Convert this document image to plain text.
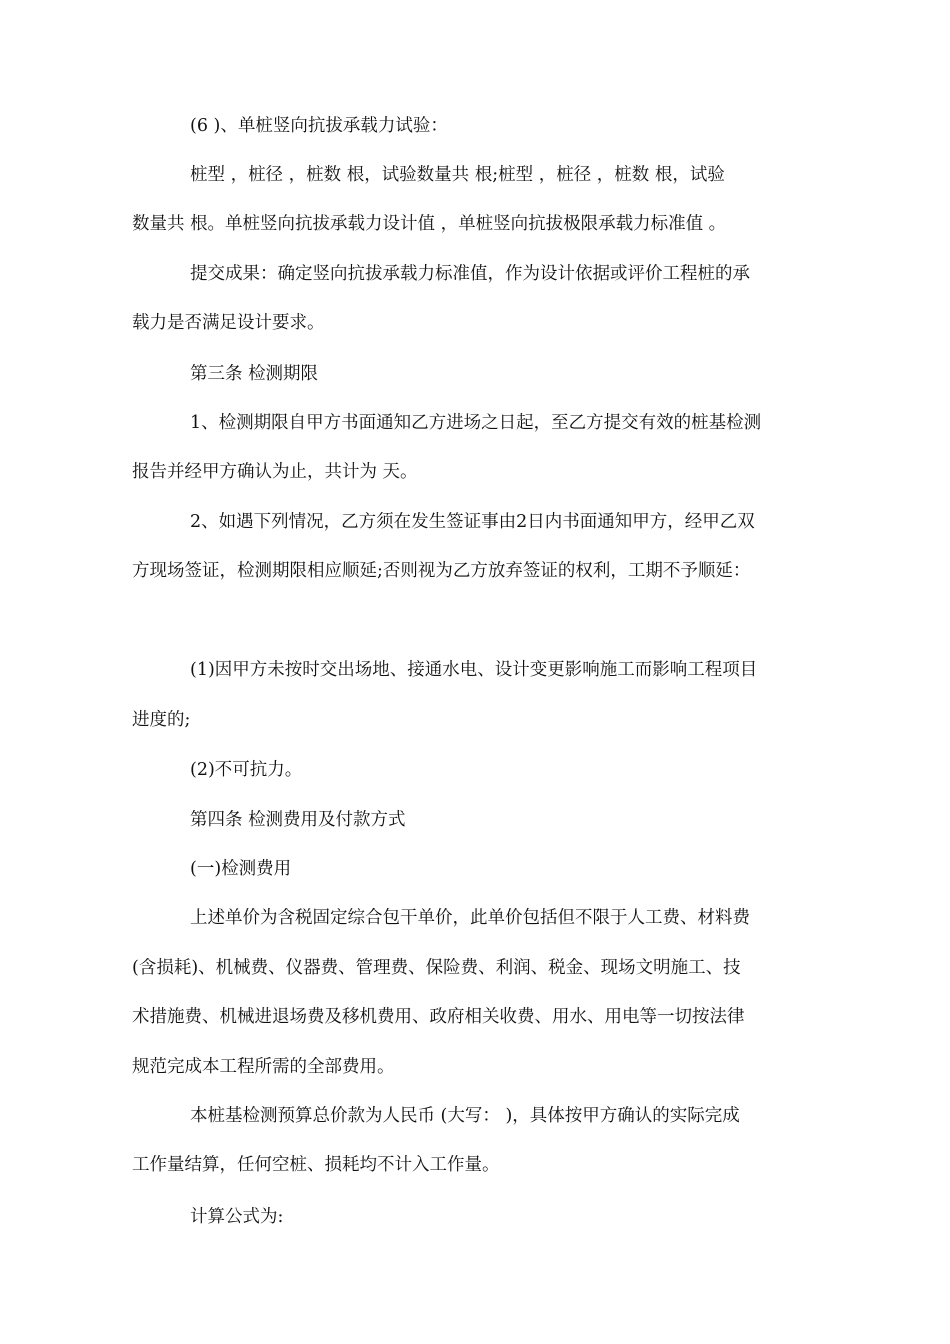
(6 )、单桩竖向抗拔承载力试验：
桩型 ，桩径 ，桩数 根，试验数量共 根;桩型 ，桩径 ，桩数 根，试验
数量共 根。单桩竖向抗拔承载力设计值 ，单桩竖向抗拔极限承载力标准值 。
提交成果：确定竖向抗拔承载力标准值，作为设计依据或评价工程桩的承
载力是否满足设计要求。
第三条 检测期限
1、检测期限自甲方书面通知乙方进场之日起，至乙方提交有效的桩基检测
报告并经甲方确认为止，共计为 天。
2、如遇下列情况，乙方须在发生签证事由2日内书面通知甲方，经甲乙双
方现场签证，检测期限相应顺延;否则视为乙方放弃签证的权利，工期不予顺延：
(1)因甲方未按时交出场地、接通水电、设计变更影响施工而影响工程项目
进度的;
(2)不可抗力。
第四条 检测费用及付款方式
(一)检测费用
上述单价为含税固定综合包干单价，此单价包括但不限于人工费、材料费
(含损耗)、机械费、仪器费、管理费、保险费、利润、税金、现场文明施工、技
术措施费、机械进退场费及移机费用、政府相关收费、用水、用电等一切按法律
规范完成本工程所需的全部费用。
本桩基检测预算总价款为人民币 (大写： )，具体按甲方确认的实际完成
工作量结算，任何空桩、损耗均不计入工作量。
计算公式为:
